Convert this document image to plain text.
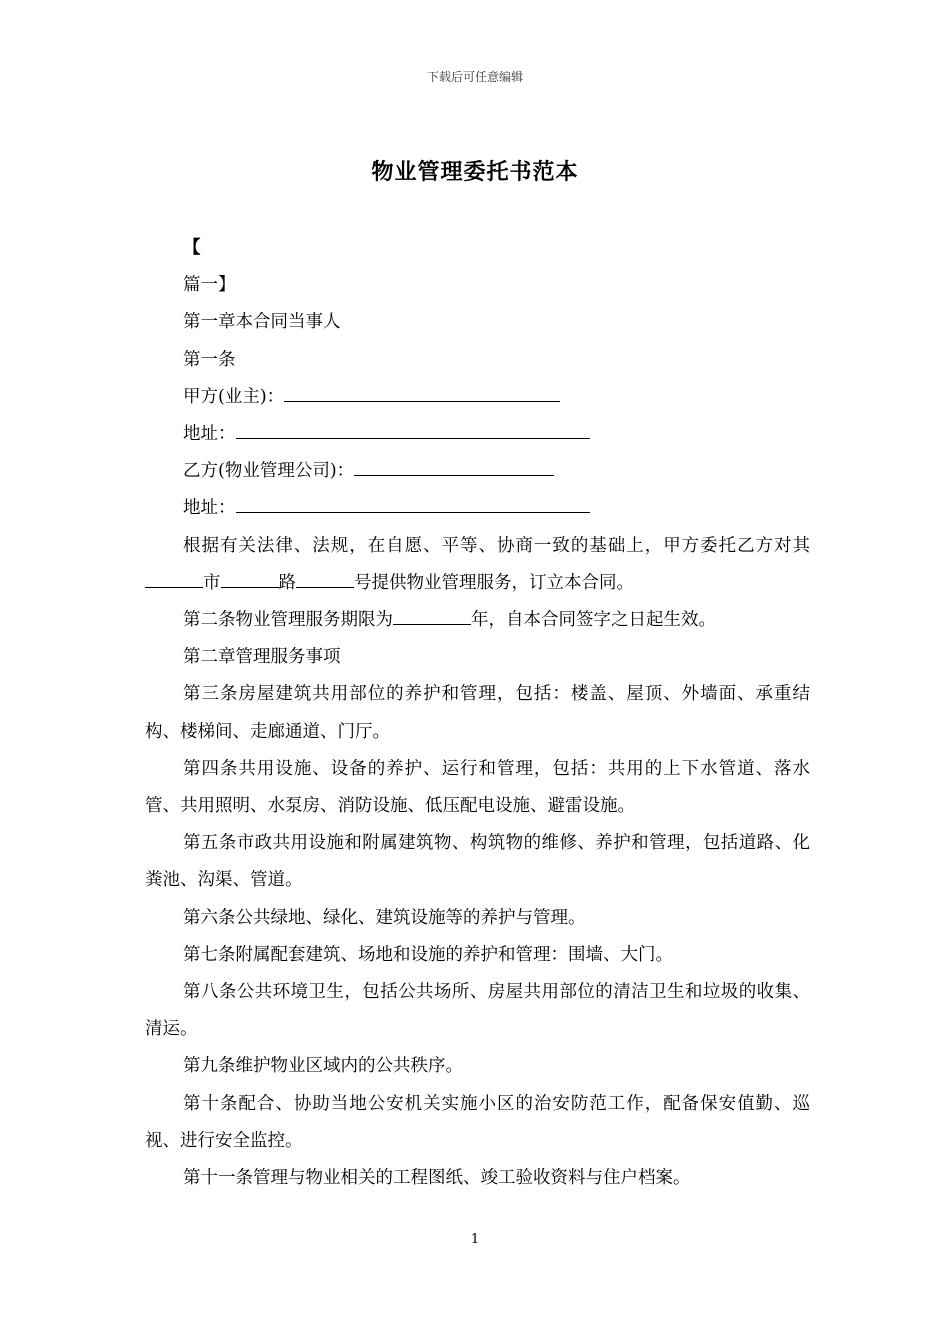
下载后可任意编辑
物业管理委托书范本
【
篇一】
第一章本合同当事人
第一条
甲方(业主)：
地址：
乙方(物业管理公司)：
地址：
根据有关法律、法规，在自愿、平等、协商一致的基础上，甲方委托乙方对其市	路	号提供物业管理服务，订立本合同。
第二条物业管理服务期限为	年，自本合同签字之日起生效。
第二章管理服务事项
第三条房屋建筑共用部位的养护和管理，包括：楼盖、屋顶、外墙面、承重结构、楼梯间、走廊通道、门厅。
第四条共用设施、设备的养护、运行和管理，包括：共用的上下水管道、落水管、共用照明、水泵房、消防设施、低压配电设施、避雷设施。
第五条市政共用设施和附属建筑物、构筑物的维修、养护和管理，包括道路、化粪池、沟渠、管道。
第六条公共绿地、绿化、建筑设施等的养护与管理。
第七条附属配套建筑、场地和设施的养护和管理：围墙、大门。
第八条公共环境卫生，包括公共场所、房屋共用部位的清洁卫生和垃圾的收集、清运。
第九条维护物业区域内的公共秩序。
第十条配合、协助当地公安机关实施小区的治安防范工作，配备保安值勤、巡视、进行安全监控。
第十一条管理与物业相关的工程图纸、竣工验收资料与住户档案。
1
